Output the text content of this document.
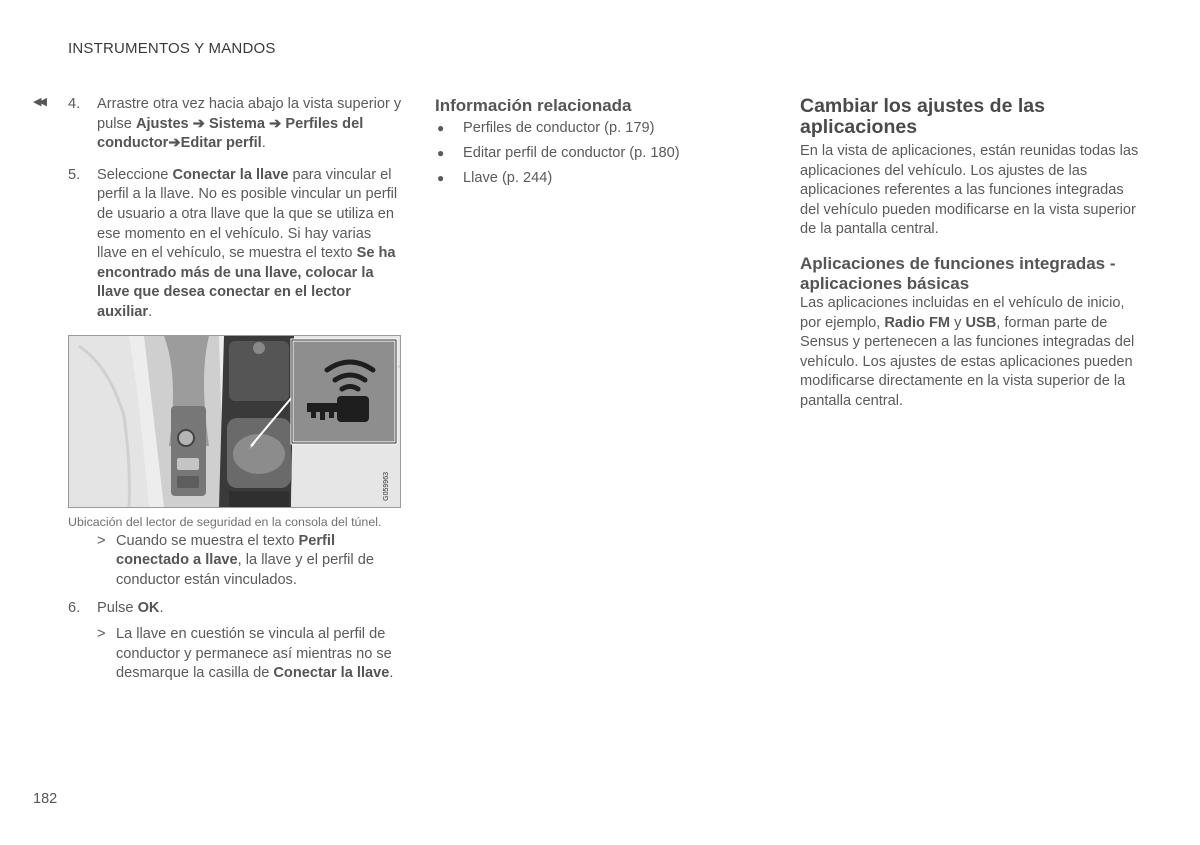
INSTRUMENTOS Y MANDOS
◀◀ 4. Arrastre otra vez hacia abajo la vista superior y pulse Ajustes ➔ Sistema ➔ Perfiles del conductor➔Editar perfil.
5. Seleccione Conectar la llave para vincular el perfil a la llave. No es posible vincular un perfil de usuario a otra llave que la que se utiliza en ese momento en el vehículo. Si hay varias llave en el vehículo, se muestra el texto Se ha encontrado más de una llave, colocar la llave que desea conectar en el lector auxiliar.
G059963
Ubicación del lector de seguridad en la consola del túnel.
> Cuando se muestra el texto Perfil conectado a llave, la llave y el perfil de conductor están vinculados.
6. Pulse OK.
> La llave en cuestión se vincula al perfil de conductor y permanece así mientras no se desmarque la casilla de Conectar la llave.
Información relacionada
● Perfiles de conductor (p. 179)
● Editar perfil de conductor (p. 180)
● Llave (p. 244)
Cambiar los ajustes de las aplicaciones
En la vista de aplicaciones, están reunidas todas las aplicaciones del vehículo. Los ajustes de las aplicaciones referentes a las funciones integradas del vehículo pueden modificarse en la vista superior de la pantalla central.
Aplicaciones de funciones integradas - aplicaciones básicas
Las aplicaciones incluidas en el vehículo de inicio, por ejemplo, Radio FM y USB, forman parte de Sensus y pertenecen a las funciones integradas del vehículo. Los ajustes de estas aplicaciones pueden modificarse directamente en la vista superior de la pantalla central.
182
